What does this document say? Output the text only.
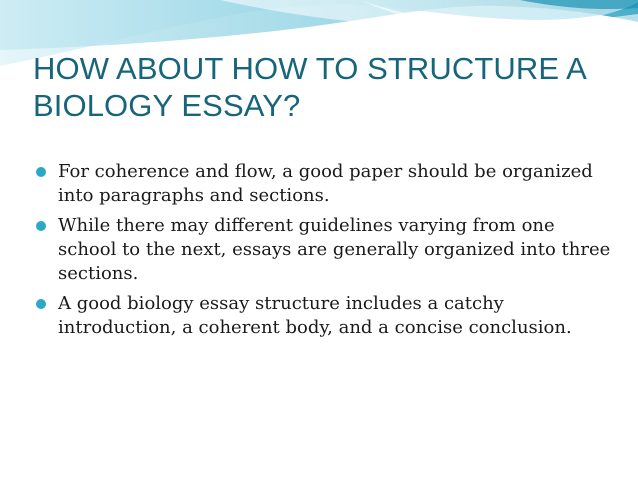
HOW ABOUT HOW TO STRUCTURE A BIOLOGY ESSAY?
For coherence and flow, a good paper should be organized into paragraphs and sections.
While there may different guidelines varying from one school to the next, essays are generally organized into three sections.
A good biology essay structure includes a catchy introduction, a coherent body, and a concise conclusion.
